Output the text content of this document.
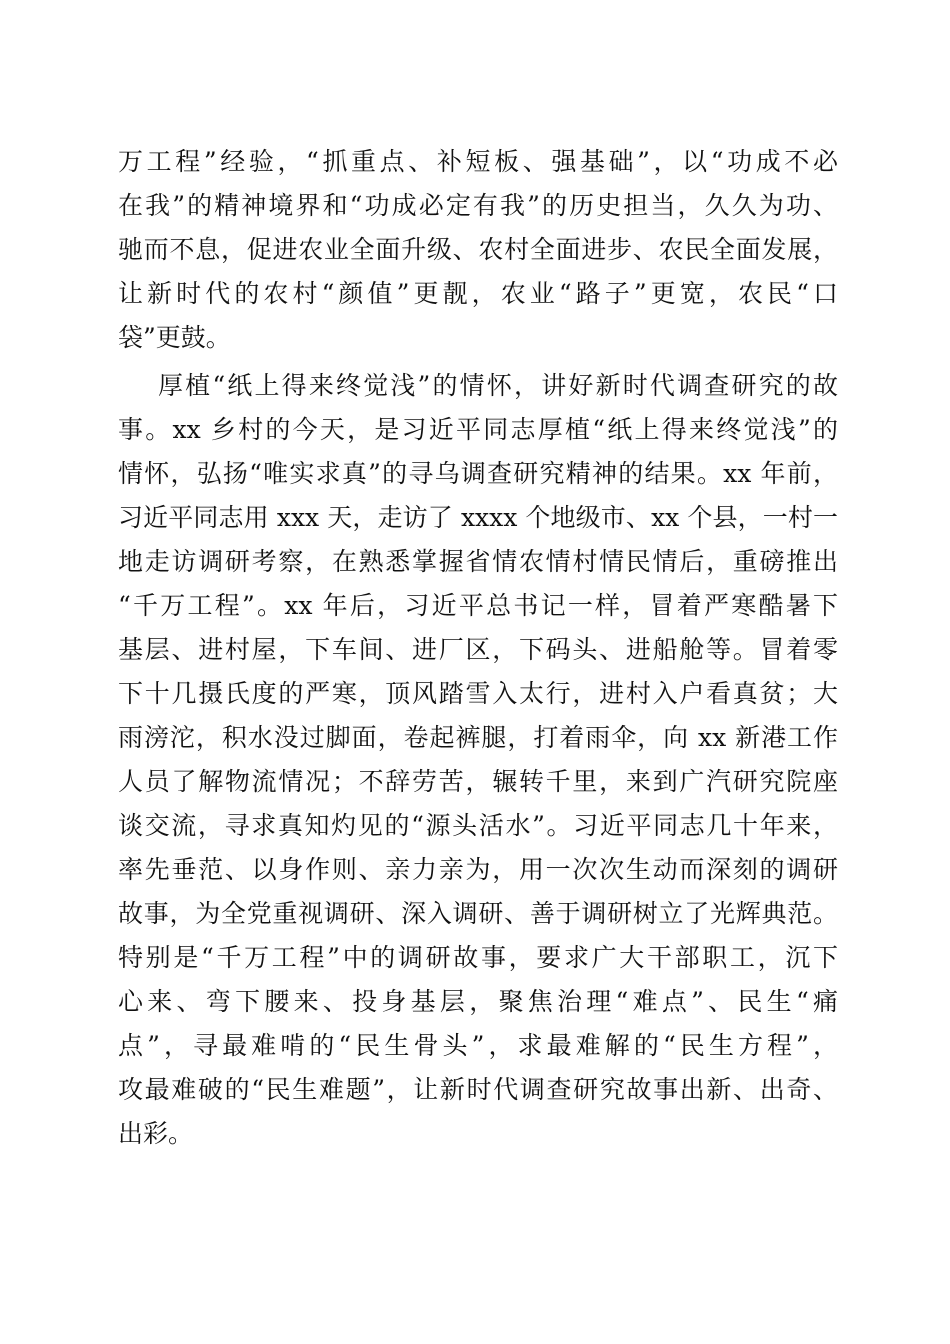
万工程”经验，“抓重点、补短板、强基础”，以“功成不必
在我”的精神境界和“功成必定有我”的历史担当，久久为功、
驰而不息，促进农业全面升级、农村全面进步、农民全面发展，
让新时代的农村“颜值”更靓，农业“路子”更宽，农民“口
袋”更鼓。
厚植“纸上得来终觉浅”的情怀，讲好新时代调查研究的故
事。xx 乡村的今天，是习近平同志厚植“纸上得来终觉浅”的
情怀，弘扬“唯实求真”的寻乌调查研究精神的结果。xx 年前，
习近平同志用 xxx 天，走访了 xxxx 个地级市、xx 个县，一村一
地走访调研考察，在熟悉掌握省情农情村情民情后，重磅推出
“千万工程”。xx 年后，习近平总书记一样，冒着严寒酷暑下
基层、进村屋，下车间、进厂区，下码头、进船舱等。冒着零
下十几摄氏度的严寒，顶风踏雪入太行，进村入户看真贫；大
雨滂沱，积水没过脚面，卷起裤腿，打着雨伞，向 xx 新港工作
人员了解物流情况；不辞劳苦，辗转千里，来到广汽研究院座
谈交流，寻求真知灼见的“源头活水”。习近平同志几十年来，
率先垂范、以身作则、亲力亲为，用一次次生动而深刻的调研
故事，为全党重视调研、深入调研、善于调研树立了光辉典范。
特别是“千万工程”中的调研故事，要求广大干部职工，沉下
心来、弯下腰来、投身基层，聚焦治理“难点”、民生“痛
点”，寻最难啃的“民生骨头”，求最难解的“民生方程”，
攻最难破的“民生难题”，让新时代调查研究故事出新、出奇、
出彩。
